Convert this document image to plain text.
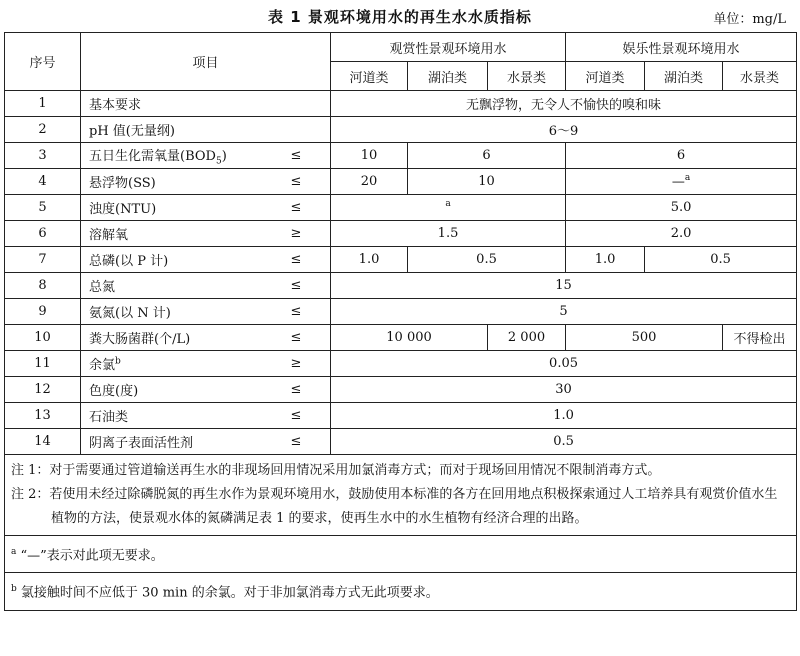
表 1 景观环境用水的再生水水质指标	单位：mg/L
序号	项目		观赏性景观环境用水			娱乐性景观环境用水		
			河道类	湖泊类	水景类	河道类	湖泊类	水景类
1	基本要求		无飘浮物，无令人不愉快的嗅和味					
2	pH 值(无量纲)		6～9					
3	五日生化需氧量$(BOD_5)$	≤	10	6		6		
4	悬浮物(SS)	≤	20	10		—$^a$
5	浊度(NTU)	≤	$^a$			5.0		
6	溶解氧	≥	1.5			2.0		
7	总磷(以 P 计)	≤	1.0	0.5		1.0	0.5	
8	总氮	≤	15					
9	氨氮(以 N 计)	≤	5					
10	粪大肠菌群(个/L)	≤	10 000		2 000	500		不得检出
11	余氯$^b$	≥	0.05					
12	色度(度)	≤	30					
13	石油类	≤	1.0					
14	阴离子表面活性剂	≤	0.5					

注 1：对于需要通过管道输送再生水的非现场回用情况采用加氯消毒方式；而对于现场回用情况不限制消毒方式。
注 2：若使用未经过除磷脱氮的再生水作为景观环境用水，鼓励使用本标准的各方在回用地点积极探索通过人工培养具有观赏价值水生植物的方法，使景观水体的氮磷满足表 1 的要求，使再生水中的水生植物有经济合理的出路。								

$^a$ “—”表示对此项无要求。								
$^b$ 氯接触时间不应低于 30 min 的余氯。对于非加氯消毒方式无此项要求。								
